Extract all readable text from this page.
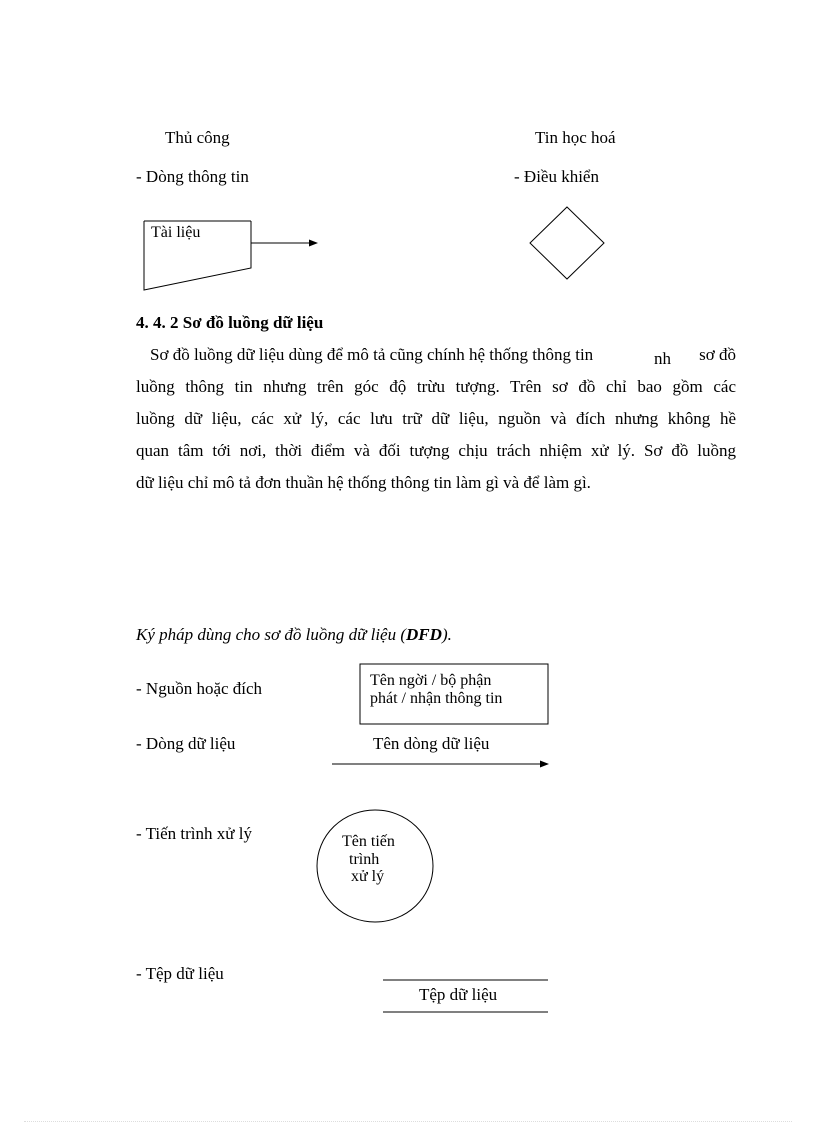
Thủ công	Tin học hoá
- Dòng thông tin	- Điều khiển
Tài liệu
4. 4. 2 Sơ đồ luồng dữ liệu
Sơ đồ luồng dữ liệu dùng để mô tả cũng chính hệ thống thông tin	nh sơ đồ

luồng thông tin nhưng trên góc độ trừu tượng. Trên sơ đồ chỉ bao gồm các
luồng dữ liệu, các xử lý, các lưu trữ dữ liệu, nguồn và đích nhưng không hề
quan tâm tới nơi, thời điểm và đối tượng chịu trách nhiệm xử lý. Sơ đồ luồng
dữ liệu chỉ mô tả đơn thuần hệ thống thông tin làm gì và để làm gì.
Ký pháp dùng cho sơ đồ luồng dữ liệu (DFD).
- Nguồn hoặc đích	Tên ngời / bộ phận
phát / nhận thông tin
- Dòng dữ liệu	Tên dòng dữ liệu
- Tiến trình xử lý	Tên tiến
trình
xử lý
- Tệp dữ liệu
Tệp dữ liệu
